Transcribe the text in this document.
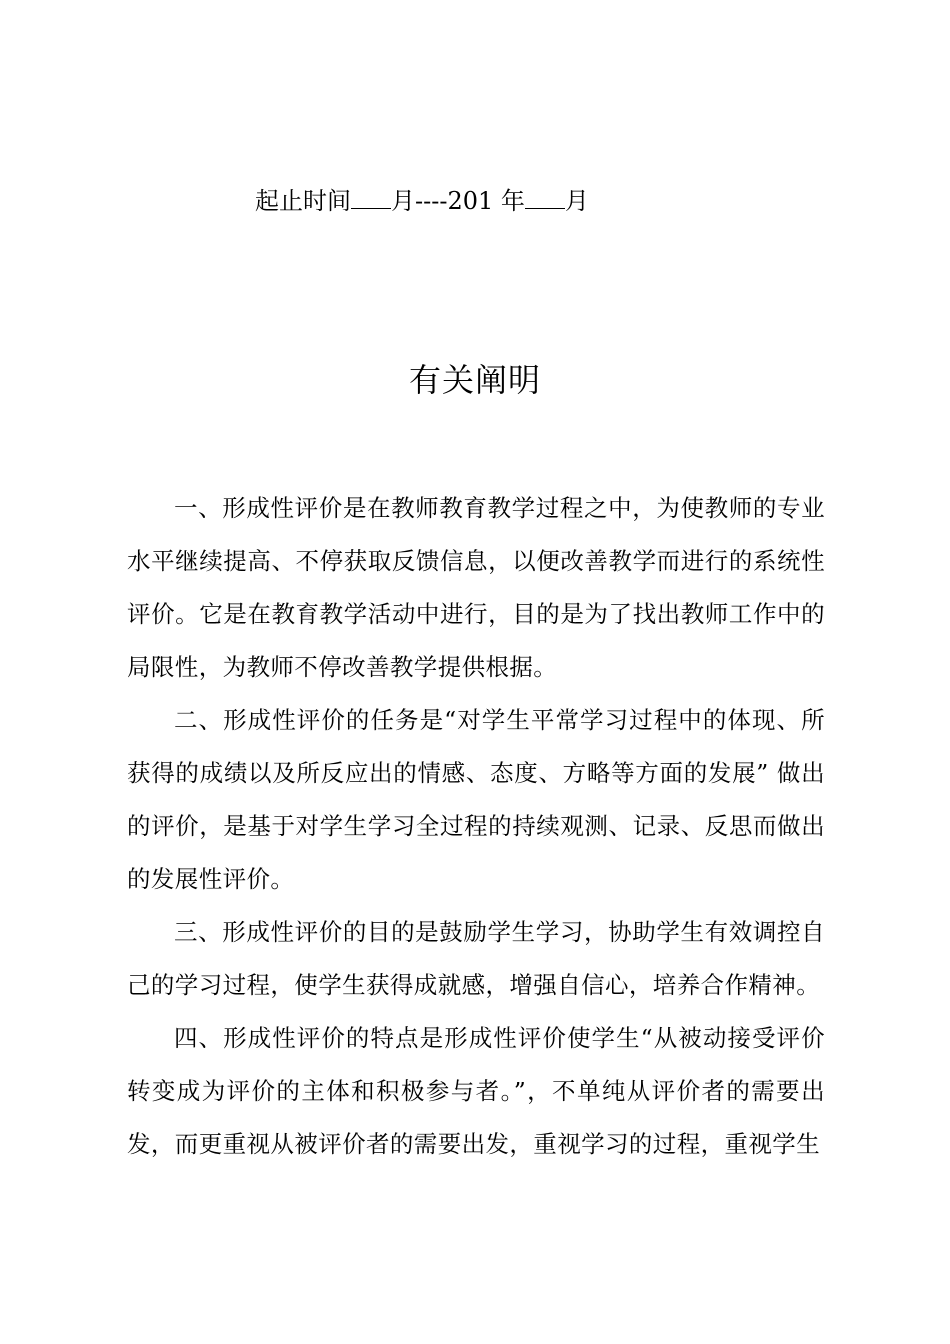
起止时间 月----201 年 月
有关阐明

一、形成性评价是在教师教育教学过程之中，为使教师的专业水平继续提高、不停获取反馈信息，以便改善教学而进行的系统性评价。它是在教育教学活动中进行，目的是为了找出教师工作中的局限性，为教师不停改善教学提供根据。

二、形成性评价的任务是“对学生平常学习过程中的体现、所获得的成绩以及所反应出的情感、态度、方略等方面的发展” 做出的评价，是基于对学生学习全过程的持续观测、记录、反思而做出的发展性评价。

三、形成性评价的目的是鼓励学生学习，协助学生有效调控自己的学习过程，使学生获得成就感，增强自信心，培养合作精神。

四、形成性评价的特点是形成性评价使学生“从被动接受评价转变成为评价的主体和积极参与者。”，不单纯从评价者的需要出发，而更重视从被评价者的需要出发，重视学习的过程，重视学生
